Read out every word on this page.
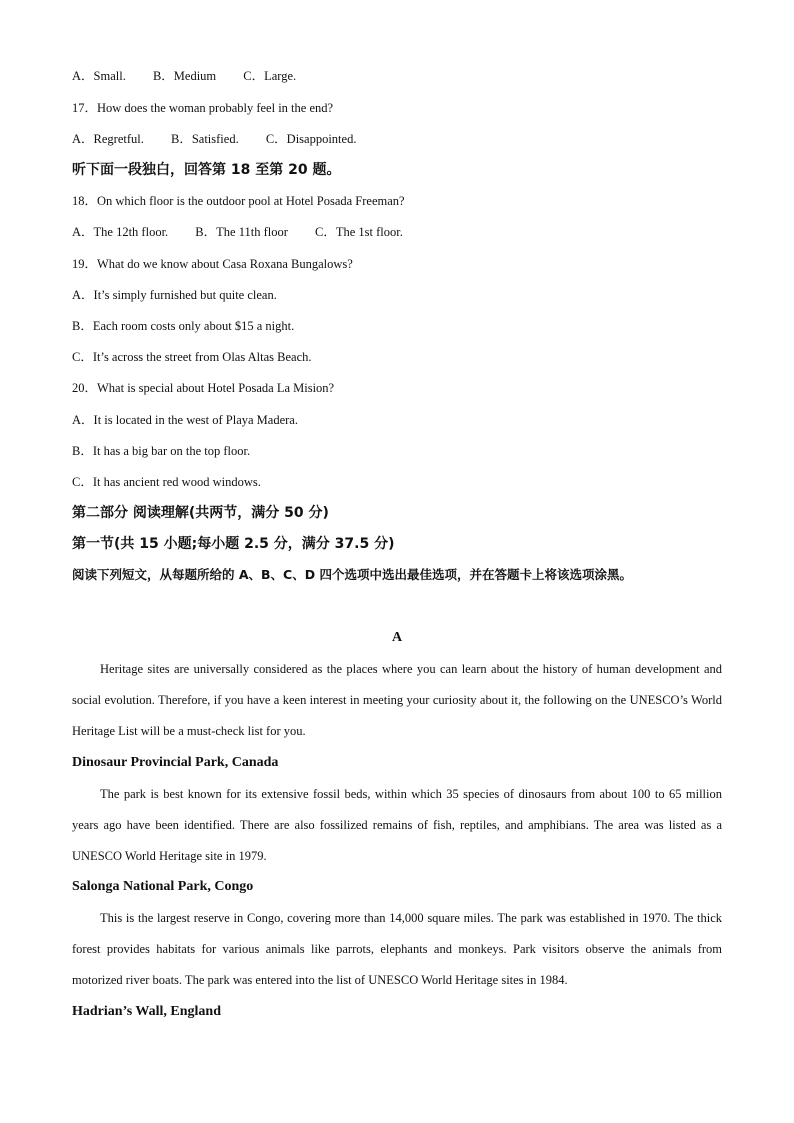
A．Small. B．Medium C．Large.
17．How does the woman probably feel in the end?
A．Regretful. B．Satisfied. C．Disappointed.
听下面一段独白，回答第 18 至第 20 题。
18．On which floor is the outdoor pool at Hotel Posada Freeman?
A．The 12th floor. B．The 11th floor C．The 1st floor.
19．What do we know about Casa Roxana Bungalows?
A．It’s simply furnished but quite clean.
B．Each room costs only about $15 a night.
C．It’s across the street from Olas Altas Beach.
20．What is special about Hotel Posada La Mision?
A．It is located in the west of Playa Madera.
B．It has a big bar on the top floor.
C．It has ancient red wood windows.
第二部分 阅读理解(共两节，满分 50 分)
第一节(共 15 小题;每小题 2.5 分，满分 37.5 分)
阅读下列短文，从每题所给的 A、B、C、D 四个选项中选出最佳选项，并在答题卡上将该选项涂黑。
A
Heritage sites are universally considered as the places where you can learn about the history of human development and social evolution. Therefore, if you have a keen interest in meeting your curiosity about it, the following on the UNESCO’s World Heritage List will be a must-check list for you.
Dinosaur Provincial Park, Canada
The park is best known for its extensive fossil beds, within which 35 species of dinosaurs from about 100 to 65 million years ago have been identified. There are also fossilized remains of fish, reptiles, and amphibians. The area was listed as a UNESCO World Heritage site in 1979.
Salonga National Park, Congo
This is the largest reserve in Congo, covering more than 14,000 square miles. The park was established in 1970. The thick forest provides habitats for various animals like parrots, elephants and monkeys. Park visitors observe the animals from motorized river boats. The park was entered into the list of UNESCO World Heritage sites in 1984.
Hadrian’s Wall, England
